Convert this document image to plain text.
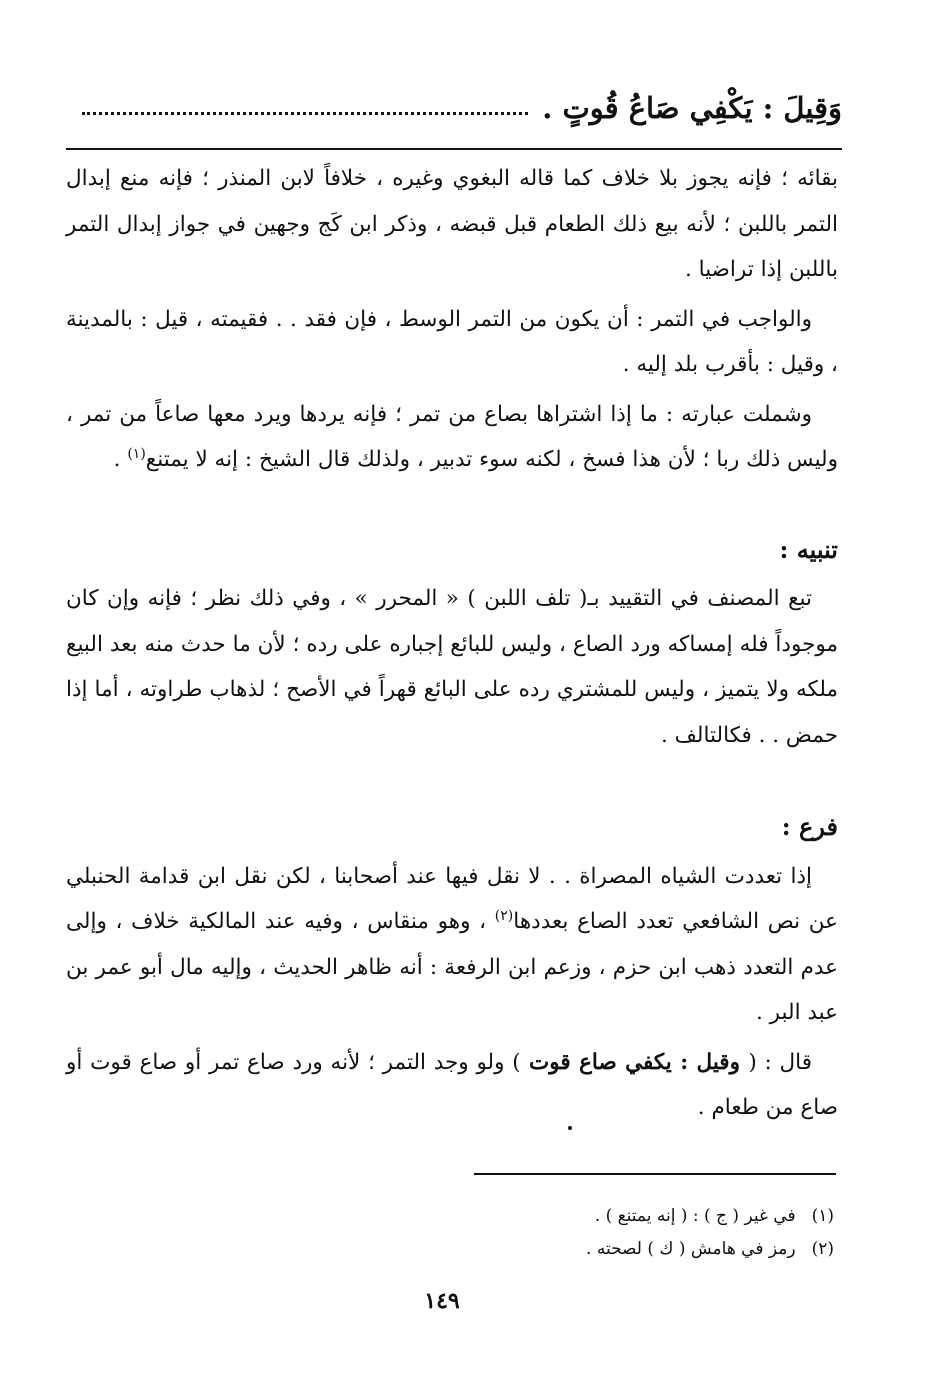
وَقِيلَ : يَكْفِي صَاعُ قُوتٍ .

بقائه ؛ فإنه يجوز بلا خلاف كما قاله البغوي وغيره ، خلافاً لابن المنذر ؛ فإنه منع إبدال التمر باللبن ؛ لأنه بيع ذلك الطعام قبل قبضه ، وذكر ابن كَج وجهين في جواز إبدال التمر باللبن إذا تراضيا .

والواجب في التمر : أن يكون من التمر الوسط ، فإن فقد . . فقيمته ، قيل : بالمدينة ، وقيل : بأقرب بلد إليه .

وشملت عبارته : ما إذا اشتراها بصاع من تمر ؛ فإنه يردها ويرد معها صاعاً من تمر ، وليس ذلك ربا ؛ لأن هذا فسخ ، لكنه سوء تدبير ، ولذلك قال الشيخ : إنه لا يمتنع$^{(١)}$ .

تنبيه :

تبع المصنف في التقييد بـ( تلف اللبن ) « المحرر » ، وفي ذلك نظر ؛ فإنه وإن كان موجوداً فله إمساكه ورد الصاع ، وليس للبائع إجباره على رده ؛ لأن ما حدث منه بعد البيع ملكه ولا يتميز ، وليس للمشتري رده على البائع قهراً في الأصح ؛ لذهاب طراوته ، أما إذا حمض . . فكالتالف .

فرع :

إذا تعددت الشياه المصراة . . لا نقل فيها عند أصحابنا ، لكن نقل ابن قدامة الحنبلي عن نص الشافعي تعدد الصاع بعددها$^{(٢)}$ ، وهو منقاس ، وفيه عند المالكية خلاف ، وإلى عدم التعدد ذهب ابن حزم ، وزعم ابن الرفعة : أنه ظاهر الحديث ، وإليه مال أبو عمر بن عبد البر .

قال : ( وقيل : يكفي صاع قوت ) ولو وجد التمر ؛ لأنه ورد صاع تمر أو صاع قوت أو صاع من طعام .

(١)
في غير ( ج ) : ( إنه يمتنع ) .
(٢)
رمز في هامش ( ك ) لصحته .
١٤٩
